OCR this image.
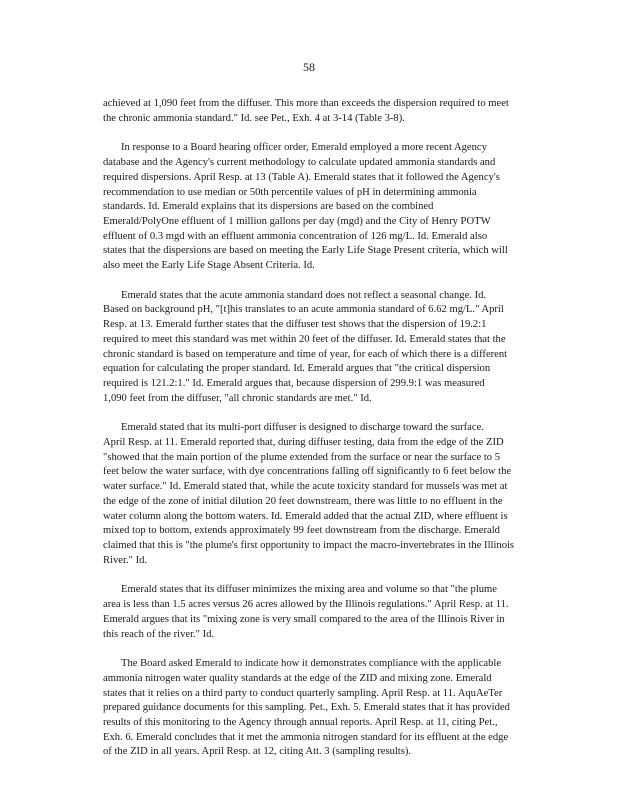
58
achieved at 1,090 feet from the diffuser. This more than exceeds the dispersion required to meet
the chronic ammonia standard." Id. see Pet., Exh. 4 at 3-14 (Table 3-8).
In response to a Board hearing officer order, Emerald employed a more recent Agency
database and the Agency's current methodology to calculate updated ammonia standards and
required dispersions. April Resp. at 13 (Table A). Emerald states that it followed the Agency's
recommendation to use median or 50th percentile values of pH in determining ammonia
standards. Id. Emerald explains that its dispersions are based on the combined
Emerald/PolyOne effluent of 1 million gallons per day (mgd) and the City of Henry POTW
effluent of 0.3 mgd with an effluent ammonia concentration of 126 mg/L. Id. Emerald also
states that the dispersions are based on meeting the Early Life Stage Present criteria, which will
also meet the Early Life Stage Absent Criteria. Id.
Emerald states that the acute ammonia standard does not reflect a seasonal change. Id.
Based on background pH, "[t]his translates to an acute ammonia standard of 6.62 mg/L." April
Resp. at 13. Emerald further states that the diffuser test shows that the dispersion of 19.2:1
required to meet this standard was met within 20 feet of the diffuser. Id. Emerald states that the
chronic standard is based on temperature and time of year, for each of which there is a different
equation for calculating the proper standard. Id. Emerald argues that "the critical dispersion
required is 121.2:1." Id. Emerald argues that, because dispersion of 299.9:1 was measured
1,090 feet from the diffuser, "all chronic standards are met." Id.
Emerald stated that its multi-port diffuser is designed to discharge toward the surface.
April Resp. at 11. Emerald reported that, during diffuser testing, data from the edge of the ZID
"showed that the main portion of the plume extended from the surface or near the surface to 5
feet below the water surface, with dye concentrations falling off significantly to 6 feet below the
water surface." Id. Emerald stated that, while the acute toxicity standard for mussels was met at
the edge of the zone of initial dilution 20 feet downstream, there was little to no effluent in the
water column along the bottom waters. Id. Emerald added that the actual ZID, where effluent is
mixed top to bottom, extends approximately 99 feet downstream from the discharge. Emerald
claimed that this is "the plume's first opportunity to impact the macro-invertebrates in the Illinois
River." Id.
Emerald states that its diffuser minimizes the mixing area and volume so that "the plume
area is less than 1.5 acres versus 26 acres allowed by the Illinois regulations." April Resp. at 11.
Emerald argues that its "mixing zone is very small compared to the area of the Illinois River in
this reach of the river." Id.
The Board asked Emerald to indicate how it demonstrates compliance with the applicable
ammonia nitrogen water quality standards at the edge of the ZID and mixing zone. Emerald
states that it relies on a third party to conduct quarterly sampling. April Resp. at 11. AquAeTer
prepared guidance documents for this sampling. Pet., Exh. 5. Emerald states that it has provided
results of this monitoring to the Agency through annual reports. April Resp. at 11, citing Pet.,
Exh. 6. Emerald concludes that it met the ammonia nitrogen standard for its effluent at the edge
of the ZID in all years. April Resp. at 12, citing Att. 3 (sampling results).
